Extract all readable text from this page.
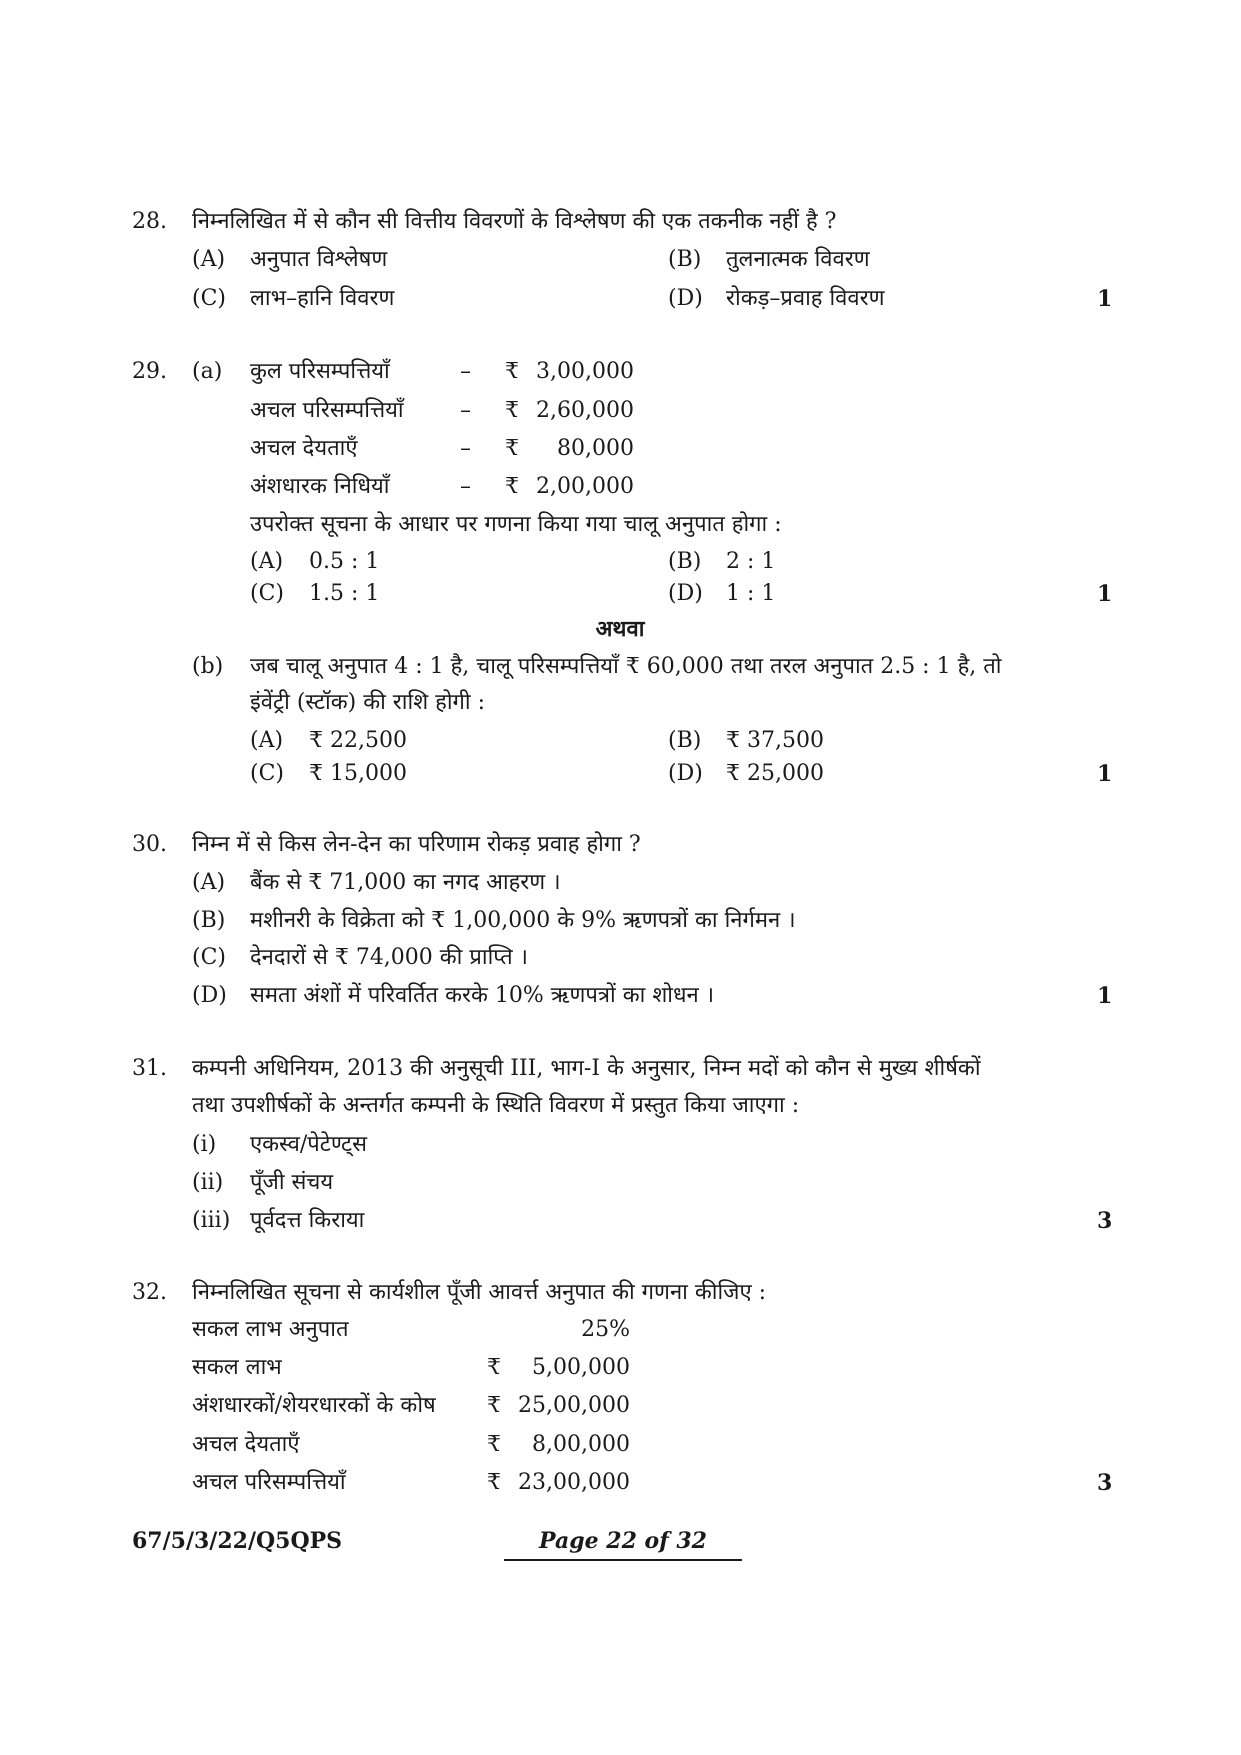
28. निम्नलिखित में से कौन सी वित्तीय विवरणों के विश्लेषण की एक तकनीक नहीं है ?
(A) अनुपात विश्लेषण	(B) तुलनात्मक विवरण
(C) लाभ–हानि विवरण	(D) रोकड़–प्रवाह विवरण	1
29. (a) कुल परिसम्पत्तियाँ	– ₹ 3,00,000
अचल परिसम्पत्तियाँ	– ₹ 2,60,000
अचल देयताएँ	– ₹	80,000
अंशधारक निधियाँ	– ₹ 2,00,000
उपरोक्त सूचना के आधार पर गणना किया गया चालू अनुपात होगा :
(A) 0.5 : 1	(B) 2 : 1
(C) 1.5 : 1	(D) 1 : 1	1
अथवा
(b) जब चालू अनुपात 4 : 1 है, चालू परिसम्पत्तियाँ ₹ 60,000 तथा तरल अनुपात 2.5 : 1 है, तो
इंवेंट्री (स्टॉक) की राशि होगी :
(A) ₹ 22,500	(B) ₹ 37,500
(C) ₹ 15,000	(D) ₹ 25,000	1
30. निम्न में से किस लेन-देन का परिणाम रोकड़ प्रवाह होगा ?
(A) बैंक से ₹ 71,000 का नगद आहरण ।
(B) मशीनरी के विक्रेता को ₹ 1,00,000 के 9% ऋणपत्रों का निर्गमन ।
(C) देनदारों से ₹ 74,000 की प्राप्ति ।
(D) समता अंशों में परिवर्तित करके 10% ऋणपत्रों का शोधन ।	1
31. कम्पनी अधिनियम, 2013 की अनुसूची III, भाग-I के अनुसार, निम्न मदों को कौन से मुख्य शीर्षकों
तथा उपशीर्षकों के अन्तर्गत कम्पनी के स्थिति विवरण में प्रस्तुत किया जाएगा :
(i) एकस्व/पेटेण्ट्स
(ii) पूँजी संचय
(iii) पूर्वदत्त किराया	3
32. निम्नलिखित सूचना से कार्यशील पूँजी आवर्त्त अनुपात की गणना कीजिए :
सकल लाभ अनुपात	25%
सकल लाभ	₹	5,00,000
अंशधारकों/शेयरधारकों के कोष ₹ 25,00,000
अचल देयताएँ	₹	8,00,000
अचल परिसम्पत्तियाँ	₹ 23,00,000	3
67/5/3/22/Q5QPS	Page 22 of 32
